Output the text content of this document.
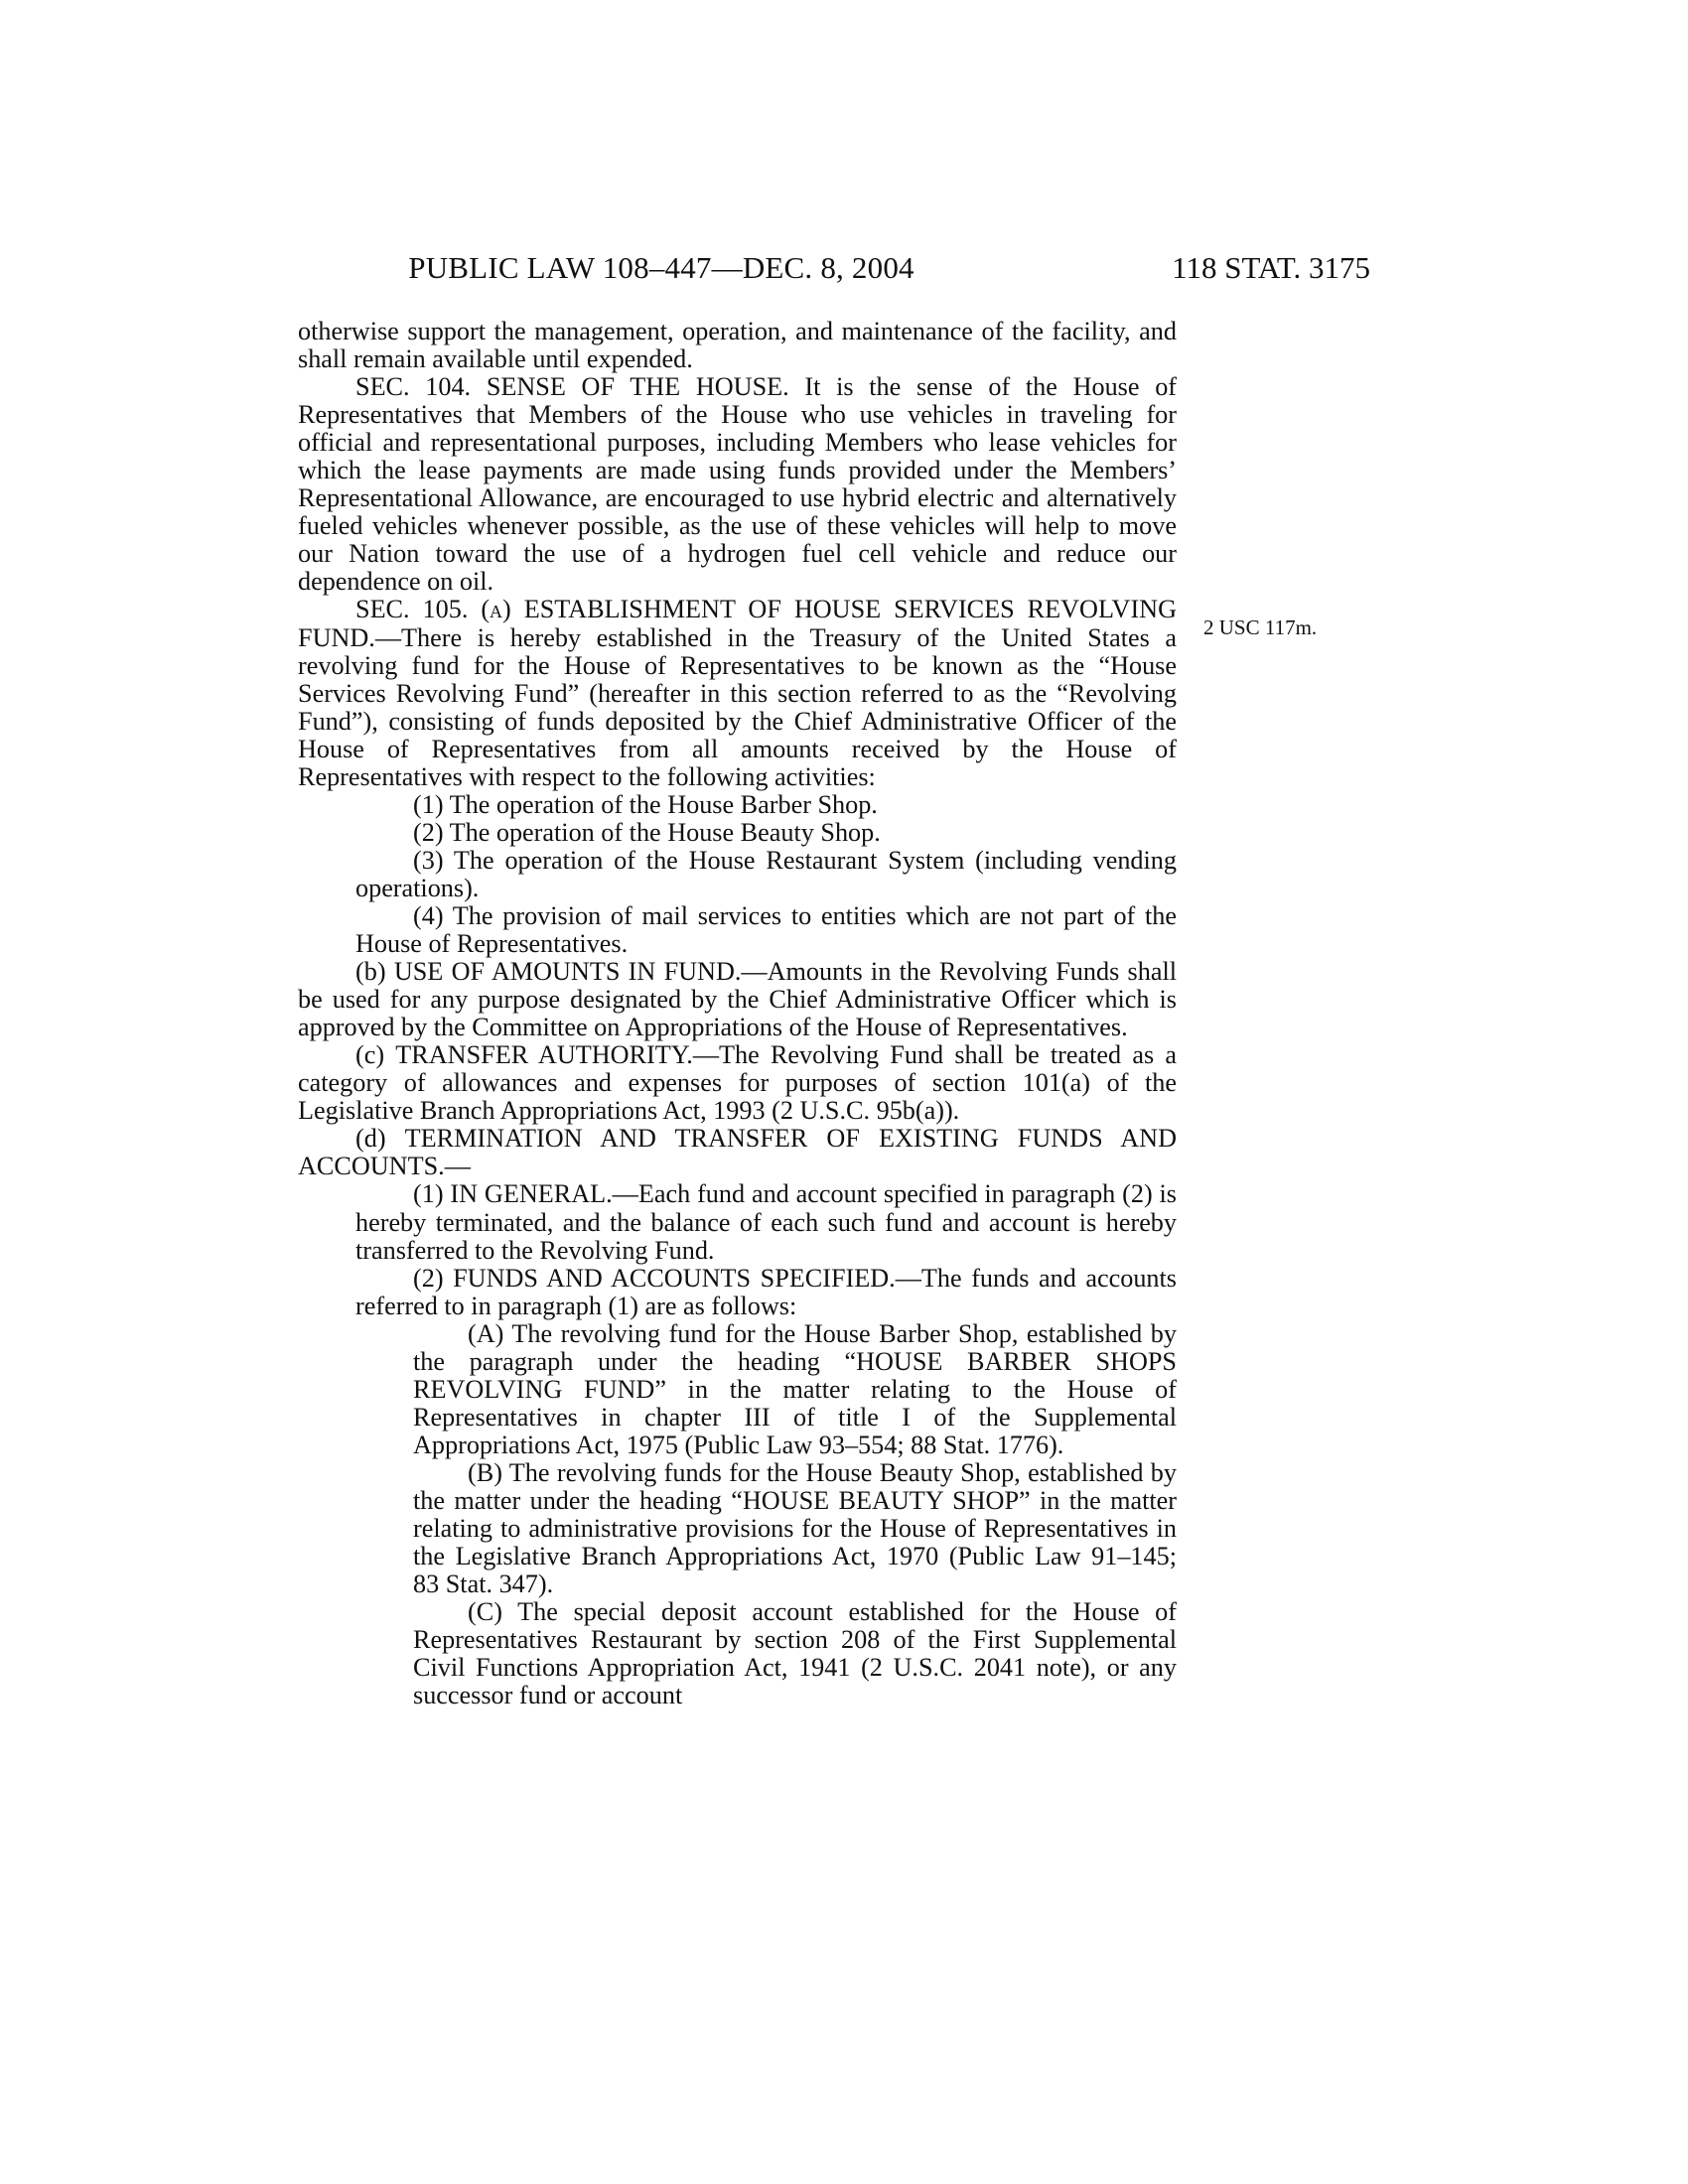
PUBLIC LAW 108–447—DEC. 8, 2004	118 STAT. 3175
2 USC 117m.

otherwise support the management, operation, and maintenance of the facility, and shall remain available until expended.

SEC. 104. SENSE OF THE HOUSE. It is the sense of the House of Representatives that Members of the House who use vehicles in traveling for official and representational purposes, including Members who lease vehicles for which the lease payments are made using funds provided under the Members’ Representational Allowance, are encouraged to use hybrid electric and alternatively fueled vehicles whenever possible, as the use of these vehicles will help to move our Nation toward the use of a hydrogen fuel cell vehicle and reduce our dependence on oil.

SEC. 105. (a) ESTABLISHMENT OF HOUSE SERVICES REVOLVING FUND.—There is hereby established in the Treasury of the United States a revolving fund for the House of Representatives to be known as the “House Services Revolving Fund” (hereafter in this section referred to as the “Revolving Fund”), consisting of funds deposited by the Chief Administrative Officer of the House of Representatives from all amounts received by the House of Representatives with respect to the following activities:

(1) The operation of the House Barber Shop.

(2) The operation of the House Beauty Shop.

(3) The operation of the House Restaurant System (including vending operations).

(4) The provision of mail services to entities which are not part of the House of Representatives.

(b) USE OF AMOUNTS IN FUND.—Amounts in the Revolving Funds shall be used for any purpose designated by the Chief Administrative Officer which is approved by the Committee on Appropriations of the House of Representatives.

(c) TRANSFER AUTHORITY.—The Revolving Fund shall be treated as a category of allowances and expenses for purposes of section 101(a) of the Legislative Branch Appropriations Act, 1993 (2 U.S.C. 95b(a)).

(d) TERMINATION AND TRANSFER OF EXISTING FUNDS AND ACCOUNTS.—

(1) IN GENERAL.—Each fund and account specified in paragraph (2) is hereby terminated, and the balance of each such fund and account is hereby transferred to the Revolving Fund.

(2) FUNDS AND ACCOUNTS SPECIFIED.—The funds and accounts referred to in paragraph (1) are as follows:

(A) The revolving fund for the House Barber Shop, established by the paragraph under the heading “HOUSE BARBER SHOPS REVOLVING FUND” in the matter relating to the House of Representatives in chapter III of title I of the Supplemental Appropriations Act, 1975 (Public Law 93–554; 88 Stat. 1776).

(B) The revolving funds for the House Beauty Shop, established by the matter under the heading “HOUSE BEAUTY SHOP” in the matter relating to administrative provisions for the House of Representatives in the Legislative Branch Appropriations Act, 1970 (Public Law 91–145; 83 Stat. 347).

(C) The special deposit account established for the House of Representatives Restaurant by section 208 of the First Supplemental Civil Functions Appropriation Act, 1941 (2 U.S.C. 2041 note), or any successor fund or account
